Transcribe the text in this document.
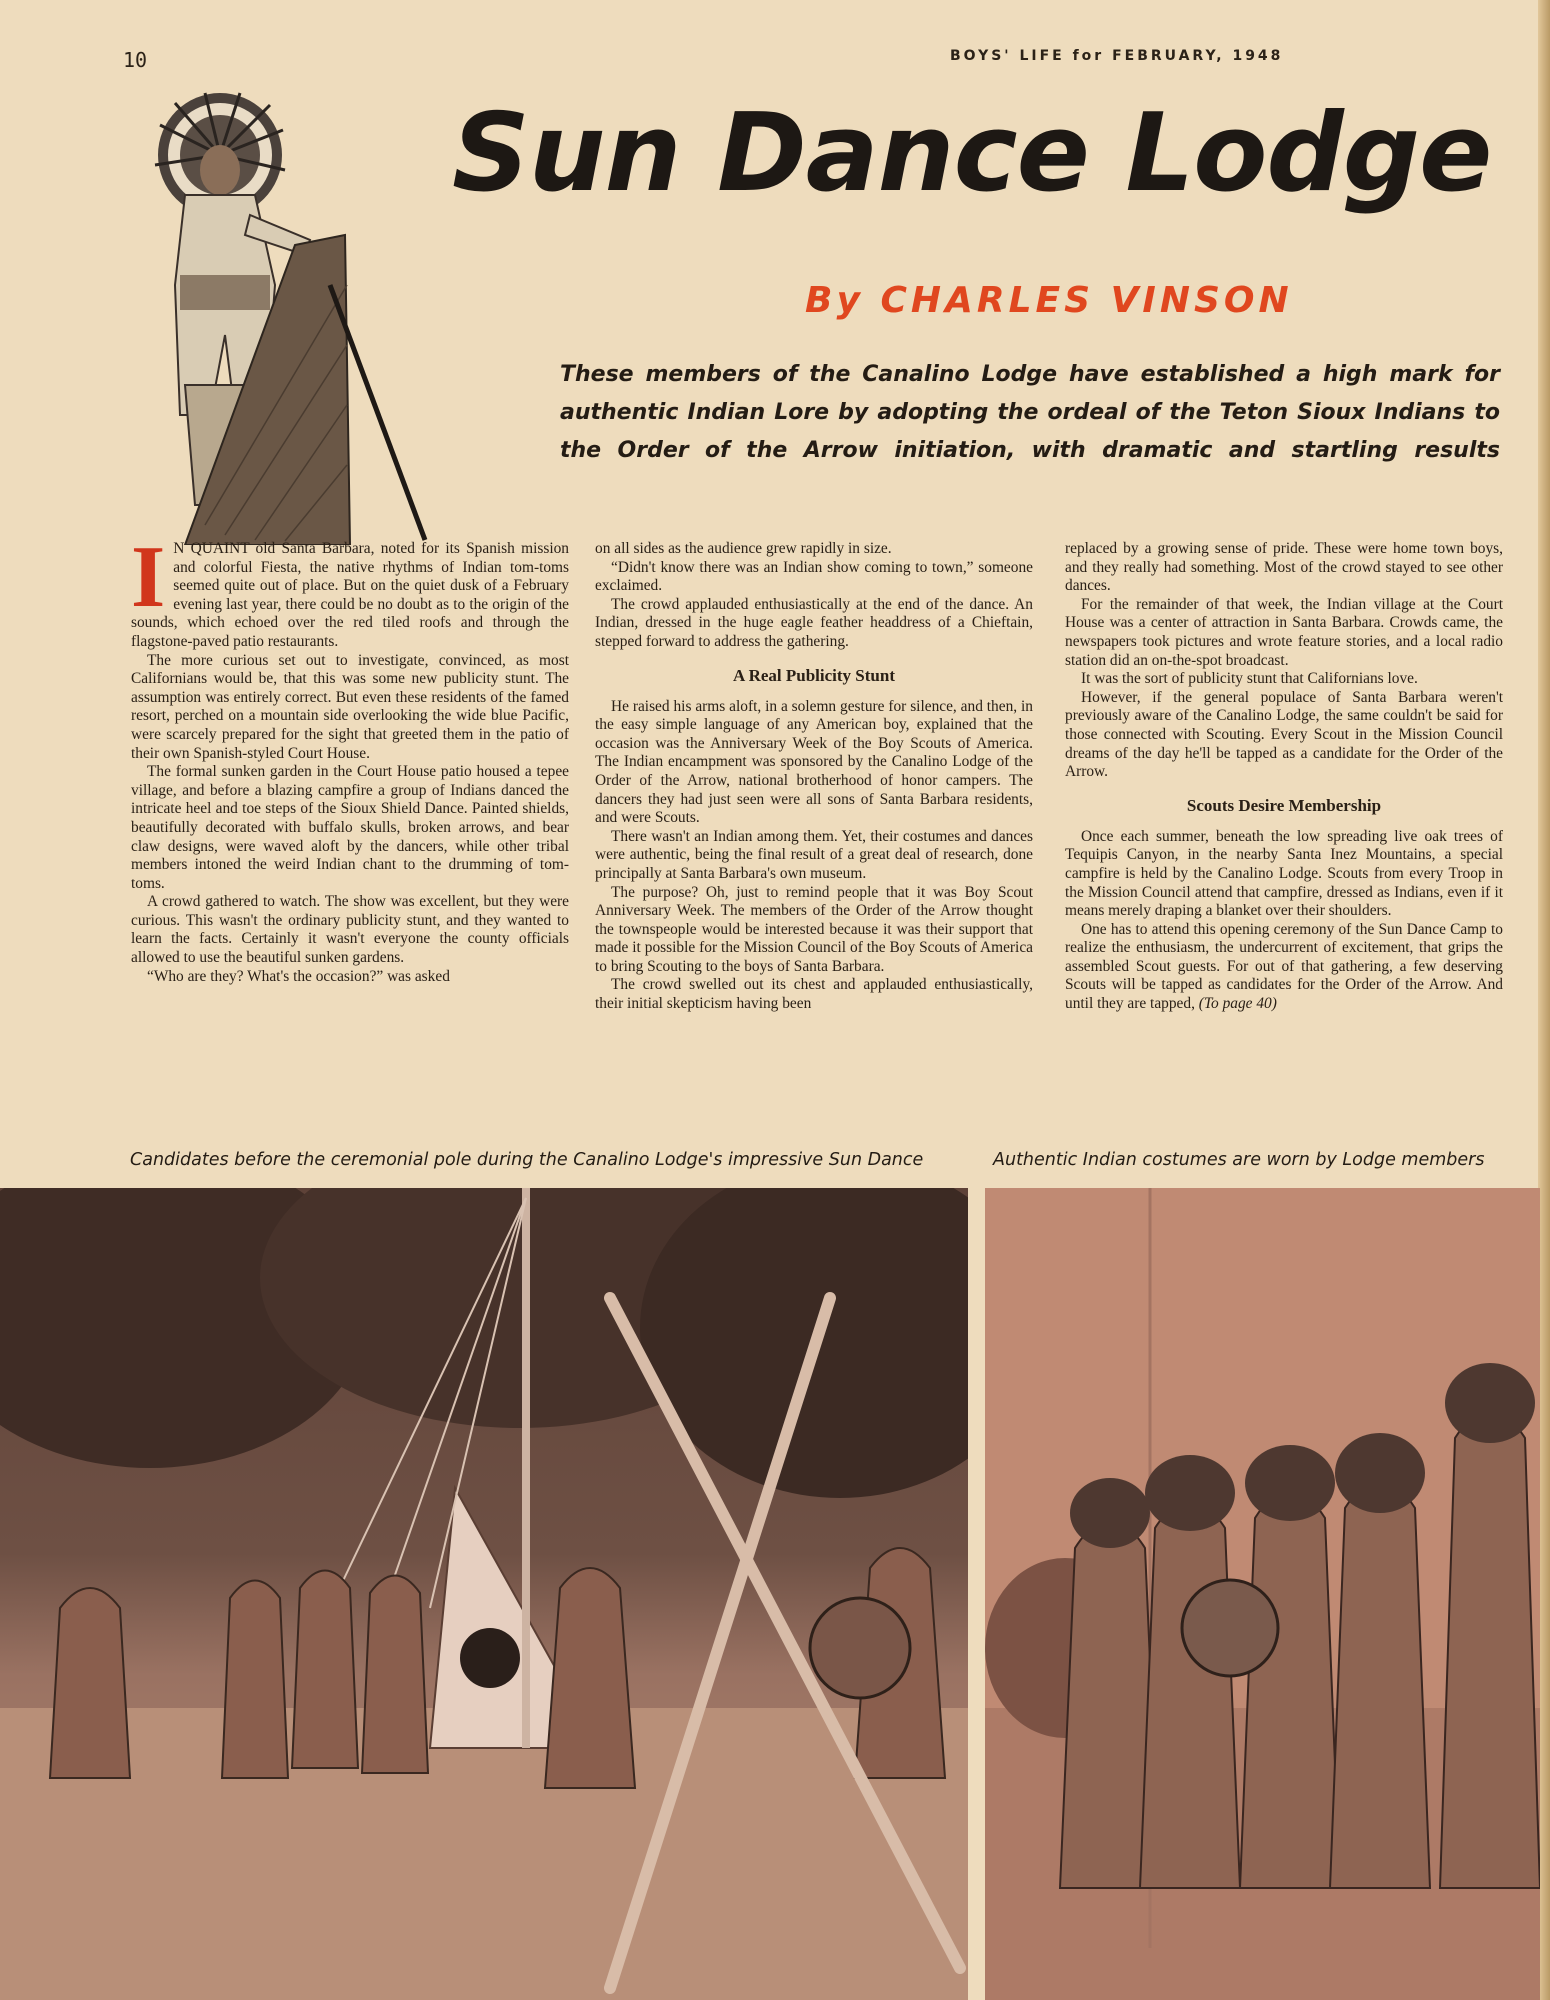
10	BOYS' LIFE for FEBRUARY, 1948
Sun Dance Lodge
By CHARLES VINSON
These members of the Canalino Lodge have established a high mark for authentic Indian Lore by adopting the ordeal of the Teton Sioux Indians to the Order of the Arrow initiation, with dramatic and startling results
I N QUAINT old Santa Barbara, noted for its Spanish mission and colorful Fiesta, the native rhythms of Indian tom-toms seemed quite out of place. But on the quiet dusk of a February evening last year, there could be no doubt as to the origin of the sounds, which echoed over the red tiled roofs and through the flagstone-paved patio restaurants.

The more curious set out to investigate, convinced, as most Californians would be, that this was some new publicity stunt. The assumption was entirely correct. But even these residents of the famed resort, perched on a mountain side overlooking the wide blue Pacific, were scarcely prepared for the sight that greeted them in the patio of their own Spanish-styled Court House.

The formal sunken garden in the Court House patio housed a tepee village, and before a blazing campfire a group of Indians danced the intricate heel and toe steps of the Sioux Shield Dance. Painted shields, beautifully decorated with buffalo skulls, broken arrows, and bear claw designs, were waved aloft by the dancers, while other tribal members intoned the weird Indian chant to the drumming of tom-toms.

A crowd gathered to watch. The show was excellent, but they were curious. This wasn't the ordinary publicity stunt, and they wanted to learn the facts. Certainly it wasn't everyone the county officials allowed to use the beautiful sunken gardens.

“Who are they? What's the occasion?” was asked

on all sides as the audience grew rapidly in size.

“Didn't know there was an Indian show coming to town,” someone exclaimed.

The crowd applauded enthusiastically at the end of the dance. An Indian, dressed in the huge eagle feather headdress of a Chieftain, stepped forward to address the gathering.

A Real Publicity Stunt

He raised his arms aloft, in a solemn gesture for silence, and then, in the easy simple language of any American boy, explained that the occasion was the Anniversary Week of the Boy Scouts of America. The Indian encampment was sponsored by the Canalino Lodge of the Order of the Arrow, national brotherhood of honor campers. The dancers they had just seen were all sons of Santa Barbara residents, and were Scouts.

There wasn't an Indian among them. Yet, their costumes and dances were authentic, being the final result of a great deal of research, done principally at Santa Barbara's own museum.

The purpose? Oh, just to remind people that it was Boy Scout Anniversary Week. The members of the Order of the Arrow thought the townspeople would be interested because it was their support that made it possible for the Mission Council of the Boy Scouts of America to bring Scouting to the boys of Santa Barbara.

The crowd swelled out its chest and applauded enthusiastically, their initial skepticism having been

replaced by a growing sense of pride. These were home town boys, and they really had something. Most of the crowd stayed to see other dances.

For the remainder of that week, the Indian village at the Court House was a center of attraction in Santa Barbara. Crowds came, the newspapers took pictures and wrote feature stories, and a local radio station did an on-the-spot broadcast.

It was the sort of publicity stunt that Californians love.

However, if the general populace of Santa Barbara weren't previously aware of the Canalino Lodge, the same couldn't be said for those connected with Scouting. Every Scout in the Mission Council dreams of the day he'll be tapped as a candidate for the Order of the Arrow.

Scouts Desire Membership

Once each summer, beneath the low spreading live oak trees of Tequipis Canyon, in the nearby Santa Inez Mountains, a special campfire is held by the Canalino Lodge. Scouts from every Troop in the Mission Council attend that campfire, dressed as Indians, even if it means merely draping a blanket over their shoulders.

One has to attend this opening ceremony of the Sun Dance Camp to realize the enthusiasm, the undercurrent of excitement, that grips the assembled Scout guests. For out of that gathering, a few deserving Scouts will be tapped as candidates for the Order of the Arrow. And until they are tapped, (To page 40)

Candidates before the ceremonial pole during the Canalino Lodge's impressive Sun Dance	Authentic Indian costumes are worn by Lodge members
